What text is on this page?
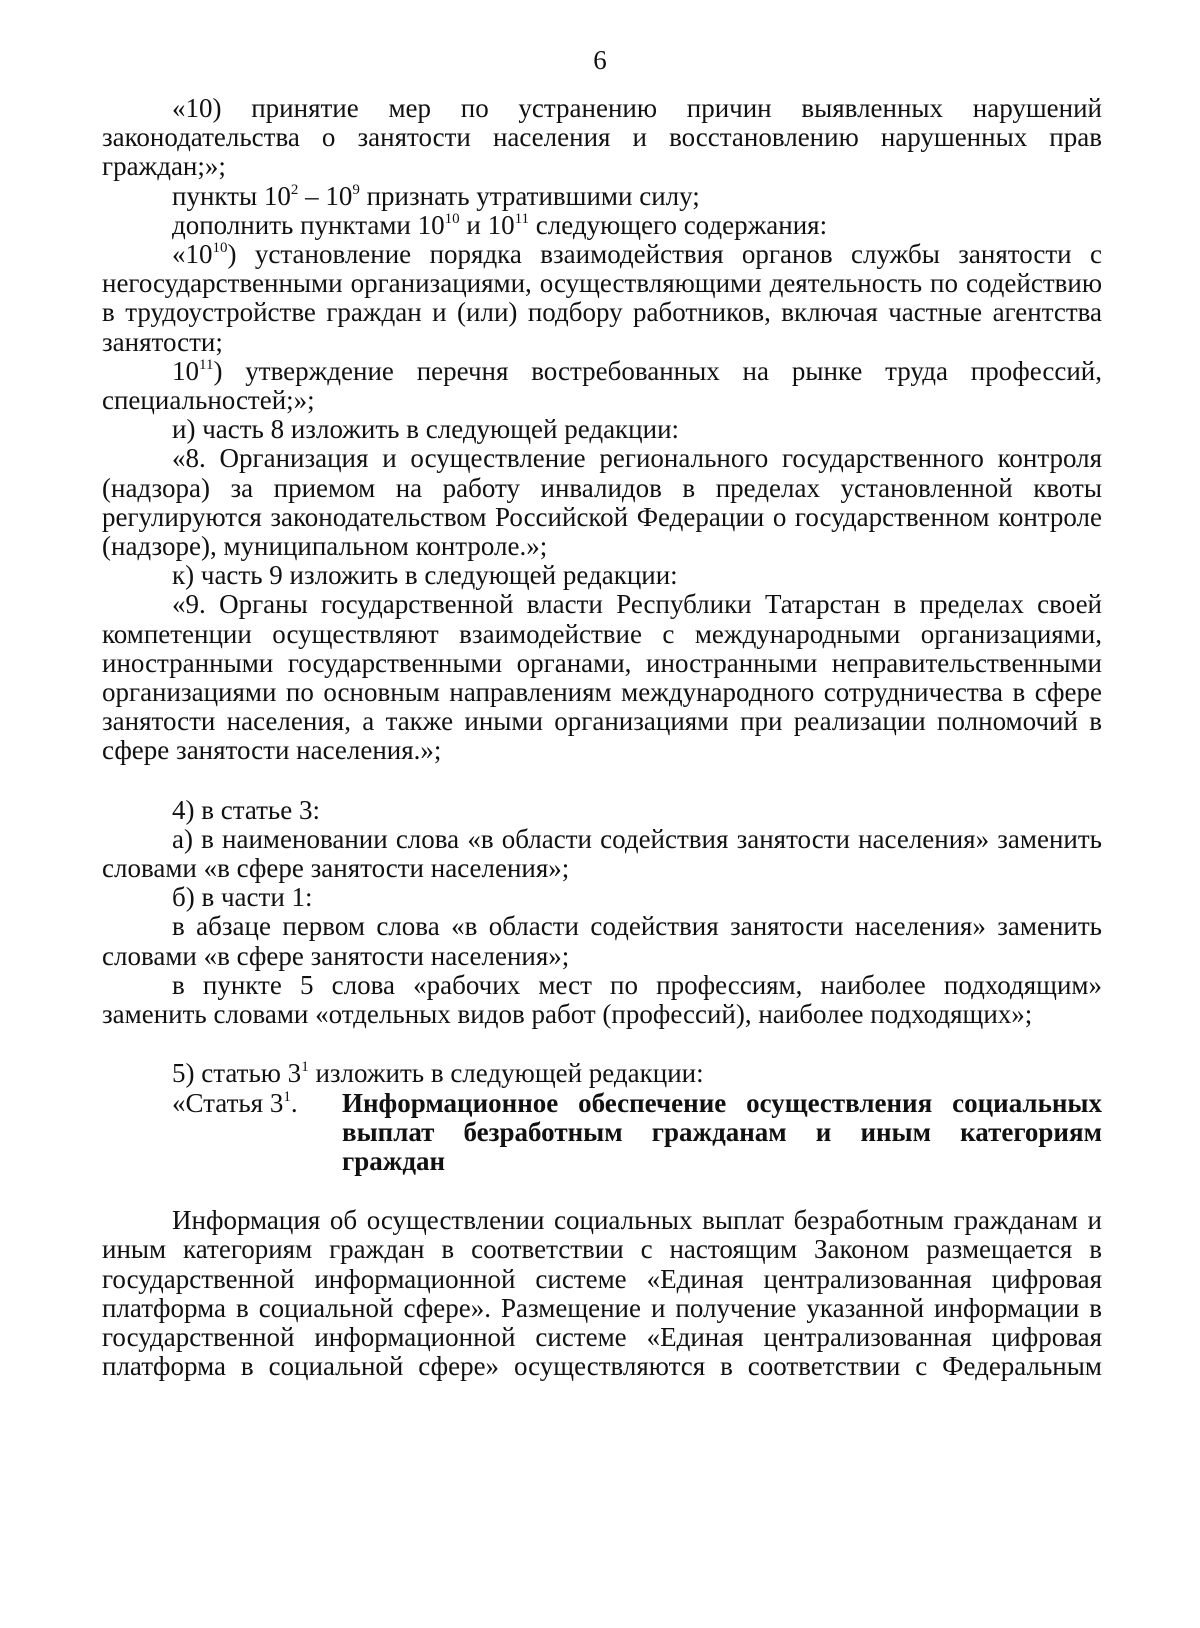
6

«10) принятие мер по устранению причин выявленных нарушений законодательства о занятости населения и восстановлению нарушенных прав граждан;»;

пункты $10^2 - 10^9$ признать утратившими силу;

дополнить пунктами $10^{10}$ и $10^{11}$ следующего содержания:

«$10^{10}$) установление порядка взаимодействия органов службы занятости с негосударственными организациями, осуществляющими деятельность по содействию в трудоустройстве граждан и (или) подбору работников, включая частные агентства занятости;

$10^{11}$) утверждение перечня востребованных на рынке труда профессий, специальностей;»;

и) часть 8 изложить в следующей редакции:

«8. Организация и осуществление регионального государственного контроля (надзора) за приемом на работу инвалидов в пределах установленной квоты регулируются законодательством Российской Федерации о государственном контроле (надзоре), муниципальном контроле.»;

к) часть 9 изложить в следующей редакции:

«9. Органы государственной власти Республики Татарстан в пределах своей компетенции осуществляют взаимодействие с международными организациями, иностранными государственными органами, иностранными неправительственными организациями по основным направлениям международного сотрудничества в сфере занятости населения, а также иными организациями при реализации полномочий в сфере занятости населения.»;

4) в статье 3:

а) в наименовании слова «в области содействия занятости населения» заменить словами «в сфере занятости населения»;

б) в части 1:

в абзаце первом слова «в области содействия занятости населения» заменить словами «в сфере занятости населения»;

в пункте 5 слова «рабочих мест по профессиям, наиболее подходящим» заменить словами «отдельных видов работ (профессий), наиболее подходящих»;

5) статью $3^1$ изложить в следующей редакции:

«Статья $3^1$.	Информационное обеспечение осуществления социальных
выплат безработным гражданам и иным категориям
граждан

Информация об осуществлении социальных выплат безработным гражданам и иным категориям граждан в соответствии с настоящим Законом размещается в государственной информационной системе «Единая централизованная цифровая платформа в социальной сфере». Размещение и получение указанной информации в государственной информационной системе «Единая централизованная цифровая платформа в социальной сфере» осуществляются в соответствии с Федеральным
